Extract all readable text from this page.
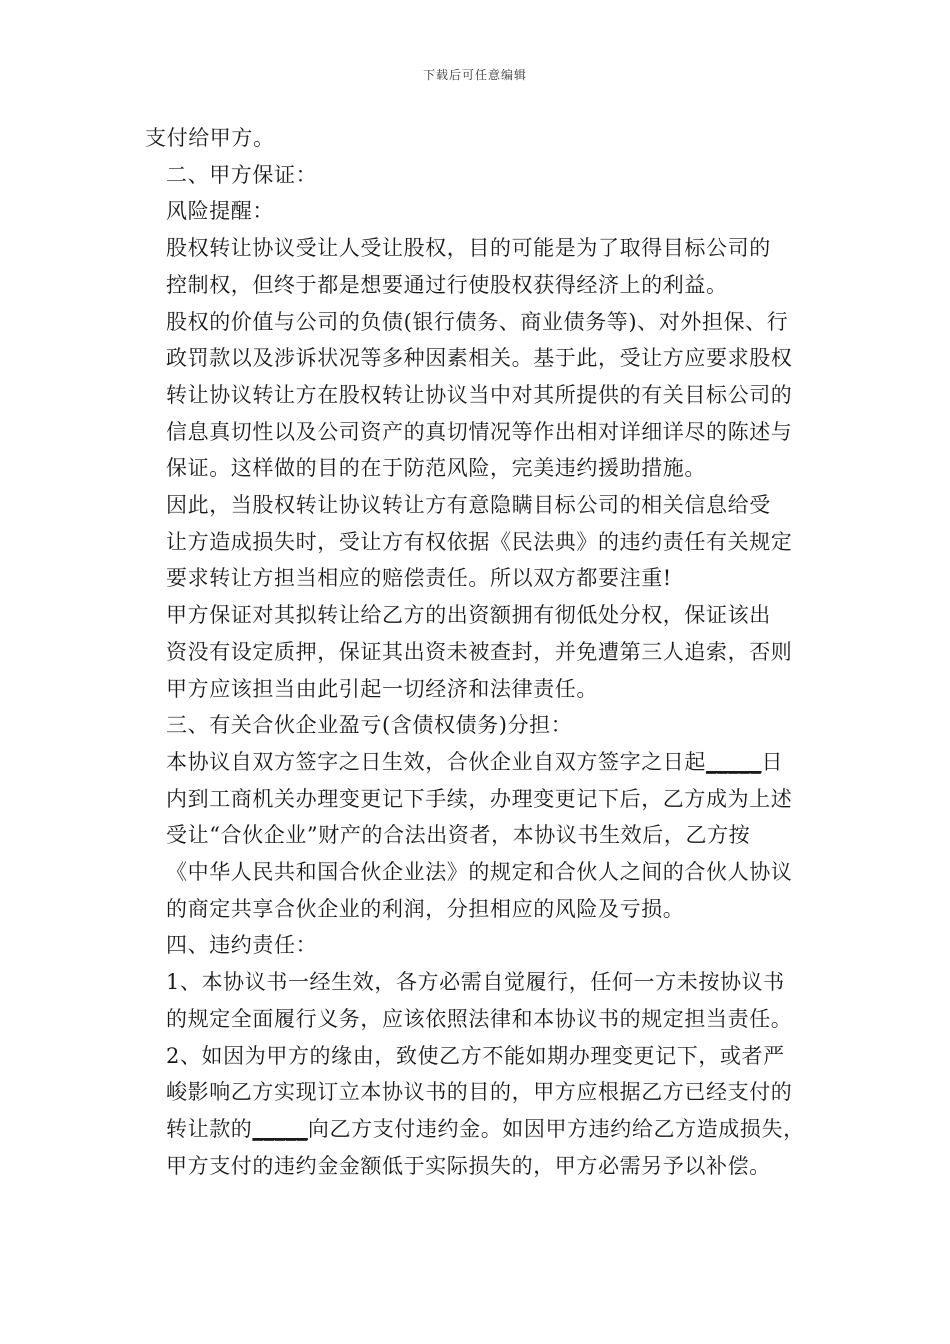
下载后可任意编辑

支付给甲方。

二、甲方保证：

风险提醒：

股权转让协议受让人受让股权，目的可能是为了取得目标公司的
控制权，但终于都是想要通过行使股权获得经济上的利益。

股权的价值与公司的负债(银行债务、商业债务等)、对外担保、行
政罚款以及涉诉状况等多种因素相关。基于此，受让方应要求股权
转让协议转让方在股权转让协议当中对其所提供的有关目标公司的
信息真切性以及公司资产的真切情况等作出相对详细详尽的陈述与
保证。这样做的目的在于防范风险，完美违约援助措施。

因此，当股权转让协议转让方有意隐瞒目标公司的相关信息给受
让方造成损失时，受让方有权依据《民法典》的违约责任有关规定
要求转让方担当相应的赔偿责任。所以双方都要注重!

甲方保证对其拟转让给乙方的出资额拥有彻低处分权，保证该出
资没有设定质押，保证其出资未被查封，并免遭第三人追索，否则
甲方应该担当由此引起一切经济和法律责任。

三、有关合伙企业盈亏(含债权债务)分担：

本协议自双方签字之日生效，合伙企业自双方签字之日起_____日
内到工商机关办理变更记下手续，办理变更记下后，乙方成为上述
受让“合伙企业”财产的合法出资者，本协议书生效后，乙方按
《中华人民共和国合伙企业法》的规定和合伙人之间的合伙人协议
的商定共享合伙企业的利润，分担相应的风险及亏损。

四、违约责任：

1、本协议书一经生效，各方必需自觉履行，任何一方未按协议书
的规定全面履行义务，应该依照法律和本协议书的规定担当责任。

2、如因为甲方的缘由，致使乙方不能如期办理变更记下，或者严
峻影响乙方实现订立本协议书的目的，甲方应根据乙方已经支付的
转让款的_____向乙方支付违约金。如因甲方违约给乙方造成损失，
甲方支付的违约金金额低于实际损失的，甲方必需另予以补偿。
